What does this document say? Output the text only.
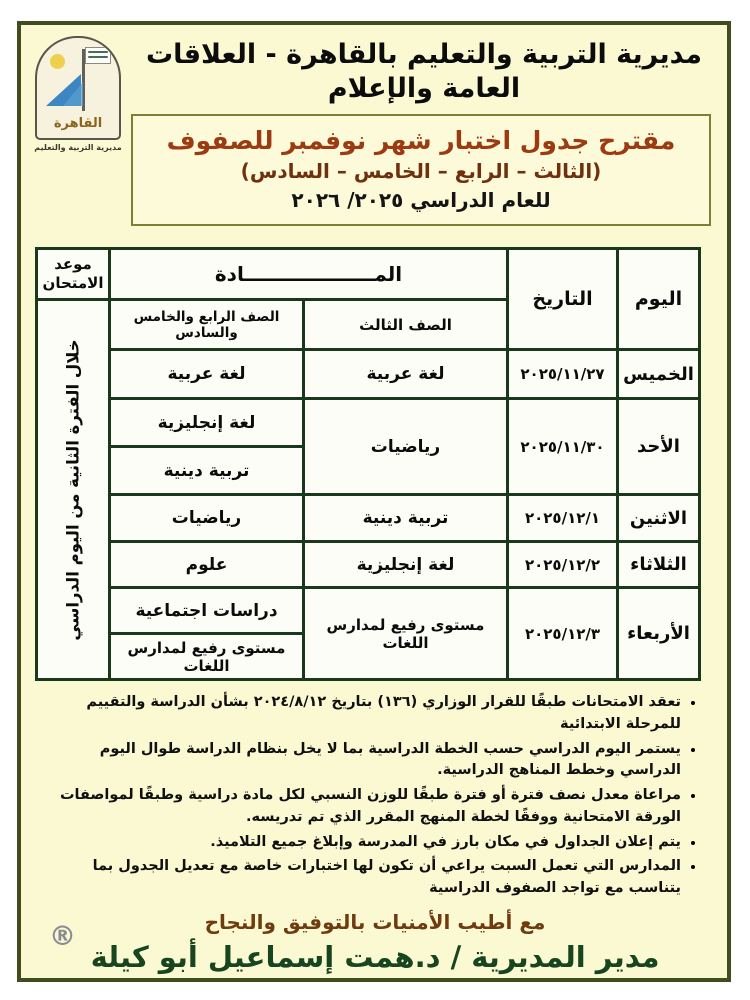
مديرية التربية والتعليم بالقاهرة - العلاقات العامة والإعلام
مقترح جدول اختبار شهر نوفمبر للصفوف
(الثالث – الرابع – الخامس – السادس)
للعام الدراسي ٢٠٢٥/ ٢٠٢٦
القاهرة
مديرية التربية والتعليم
اليوم	التاريخ	المـــــــــــــــــــادة		موعد الامتحان
		الصف الثالث	الصف الرابع والخامس والسادس	خلال الفترة الثانية من اليوم الدراسي

الخميس	٢٠٢٥/١١/٢٧	لغة عربية	لغة عربية	
الأحد	٢٠٢٥/١١/٣٠	رياضيات	لغة إنجليزية	
			تربية دينية	
الاثنين	٢٠٢٥/١٢/١	تربية دينية	رياضيات	
الثلاثاء	٢٠٢٥/١٢/٢	لغة إنجليزية	علوم	
الأربعاء	٢٠٢٥/١٢/٣	مستوى رفيع لمدارس اللغات	دراسات اجتماعية	
			مستوى رفيع لمدارس اللغات	
• تعقد الامتحانات طبقًا للقرار الوزاري (١٣٦) بتاريخ ٢٠٢٤/٨/١٢ بشأن الدراسة والتقييم للمرحلة الابتدائية
• يستمر اليوم الدراسي حسب الخطة الدراسية بما لا يخل بنظام الدراسة طوال اليوم الدراسي وخطط المناهج الدراسية.
• مراعاة معدل نصف فترة أو فترة طبقًا للوزن النسبي لكل مادة دراسية وطبقًا لمواصفات الورقة الامتحانية ووفقًا لخطة المنهج المقرر الذي تم تدريسه.
• يتم إعلان الجداول في مكان بارز في المدرسة وإبلاغ جميع التلاميذ.
• المدارس التي تعمل السبت يراعي أن تكون لها اختبارات خاصة مع تعديل الجدول بما يتناسب مع تواجد الصفوف الدراسية
مع أطيب الأمنيات بالتوفيق والنجاح
مدير المديرية / د.همت إسماعيل أبو كيلة
®
